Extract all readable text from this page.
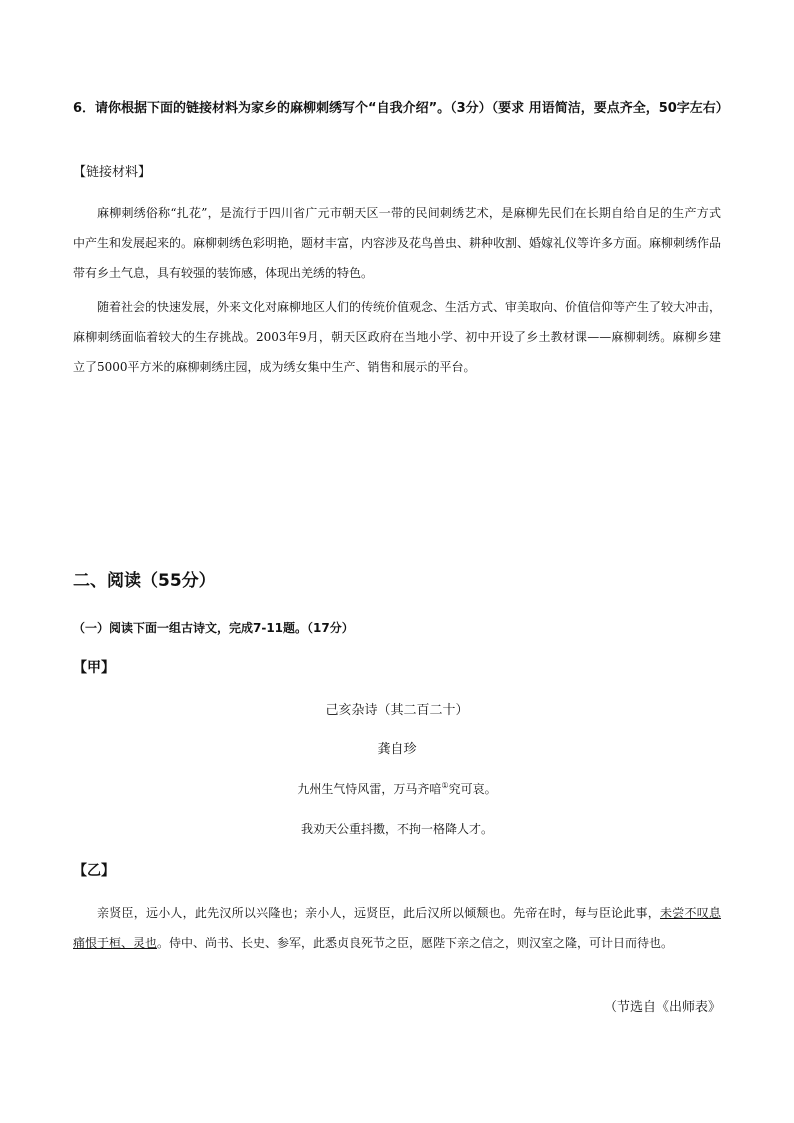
6．请你根据下面的链接材料为家乡的麻柳刺绣写个“自我介绍”。（3分）（要求 用语简洁，要点齐全，50字左右）
【链接材料】
麻柳刺绣俗称“扎花”，是流行于四川省广元市朝天区一带的民间刺绣艺术，是麻柳先民们在长期自给自足的生产方式中产生和发展起来的。麻柳刺绣色彩明艳，题材丰富，内容涉及花鸟兽虫、耕种收割、婚嫁礼仪等许多方面。麻柳刺绣作品带有乡土气息，具有较强的装饰感，体现出羌绣的特色。
随着社会的快速发展，外来文化对麻柳地区人们的传统价值观念、生活方式、审美取向、价值信仰等产生了较大冲击，麻柳刺绣面临着较大的生存挑战。2003年9月，朝天区政府在当地小学、初中开设了乡土教材课——麻柳刺绣。麻柳乡建立了5000平方米的麻柳刺绣庄园，成为绣女集中生产、销售和展示的平台。
二、阅读（55分）
（一）阅读下面一组古诗文，完成7-11题。（17分）
【甲】
己亥杂诗（其二百二十）
龚自珍
九州生气恃风雷，万马齐喑①究可哀。
我劝天公重抖擞，不拘一格降人才。
【乙】
亲贤臣，远小人，此先汉所以兴隆也；亲小人，远贤臣，此后汉所以倾颓也。先帝在时，每与臣论此事，未尝不叹息痛恨于桓、灵也。侍中、尚书、长史、参军，此悉贞良死节之臣，愿陛下亲之信之，则汉室之隆，可计日而待也。
（节选自《出师表》
